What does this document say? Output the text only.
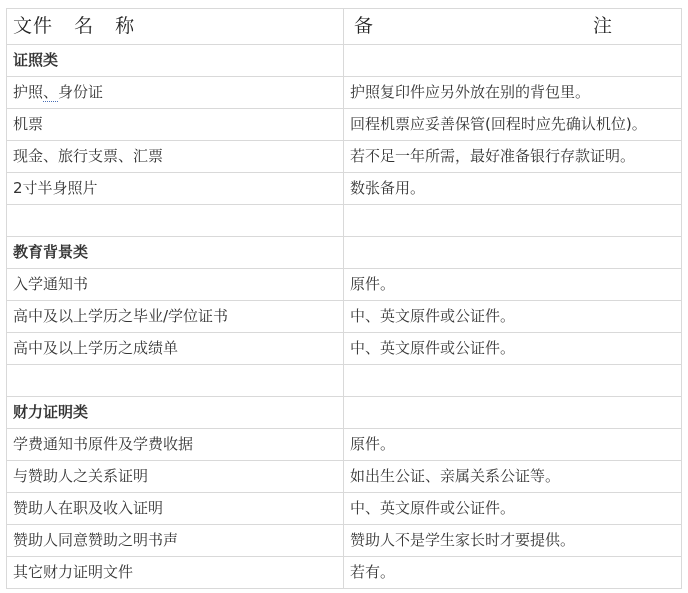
文件 名 称	备 注

证照类	
护照、身份证	护照复印件应另外放在别的背包里。
机票	回程机票应妥善保管(回程时应先确认机位)。
现金、旅行支票、汇票	若不足一年所需，最好准备银行存款证明。
2寸半身照片	数张备用。

教育背景类	
入学通知书	原件。
高中及以上学历之毕业/学位证书	中、英文原件或公证件。
高中及以上学历之成绩单	中、英文原件或公证件。

财力证明类	
学费通知书原件及学费收据	原件。
与赞助人之关系证明	如出生公证、亲属关系公证等。
赞助人在职及收入证明	中、英文原件或公证件。
赞助人同意赞助之明书声	赞助人不是学生家长时才要提供。
其它财力证明文件	若有。
